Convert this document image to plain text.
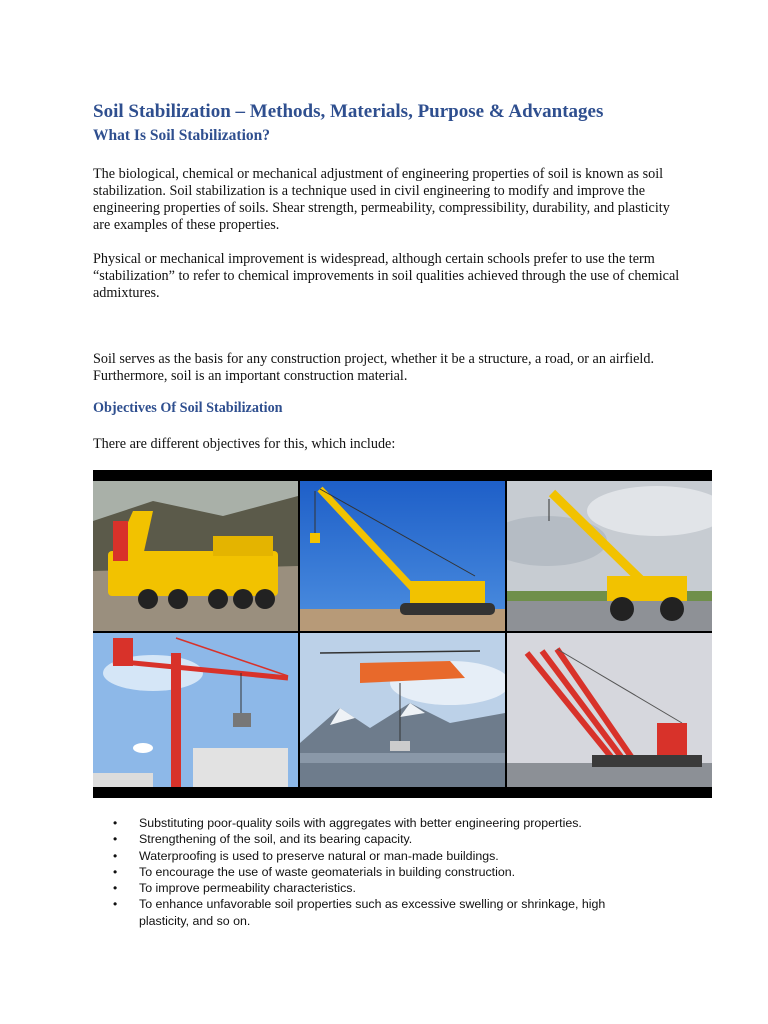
Soil Stabilization – Methods, Materials, Purpose & Advantages
What Is Soil Stabilization?

The biological, chemical or mechanical adjustment of engineering properties of soil is known as soil stabilization. Soil stabilization is a technique used in civil engineering to modify and improve the engineering properties of soils. Shear strength, permeability, compressibility, durability, and plasticity are examples of these properties.

Physical or mechanical improvement is widespread, although certain schools prefer to use the term “stabilization” to refer to chemical improvements in soil qualities achieved through the use of chemical admixtures.

Soil serves as the basis for any construction project, whether it be a structure, a road, or an airfield. Furthermore, soil is an important construction material.

Objectives Of Soil Stabilization

There are different objectives for this, which include:

• Substituting poor-quality soils with aggregates with better engineering properties.
• Strengthening of the soil, and its bearing capacity.
• Waterproofing is used to preserve natural or man-made buildings.
• To encourage the use of waste geomaterials in building construction.
• To improve permeability characteristics.
• To enhance unfavorable soil properties such as excessive swelling or shrinkage, high plasticity, and so on.
